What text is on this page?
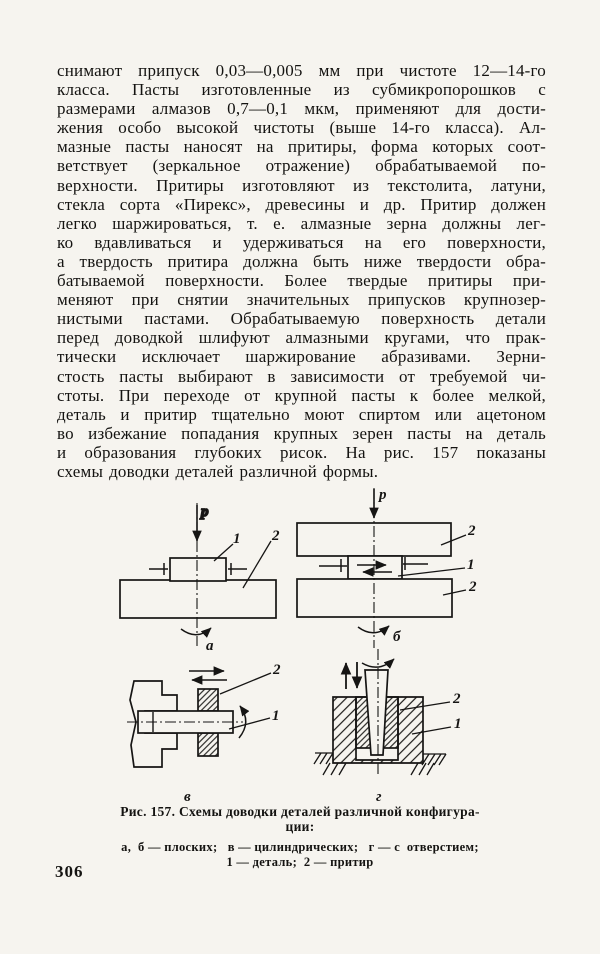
снимают припуск 0,03—0,005 мм при чистоте 12—14-го
класса. Пасты изготовленные из субмикропорошков с
размерами алмазов 0,7—0,1 мкм, применяют для дости-
жения особо высокой чистоты (выше 14-го класса). Ал-
мазные пасты наносят на притиры, форма которых соот-
ветствует (зеркальное отражение) обрабатываемой по-
верхности. Притиры изготовляют из текстолита, латуни,
стекла сорта «Пирекс», древесины и др. Притир должен
легко шаржироваться, т. е. алмазные зерна должны лег-
ко вдавливаться и удерживаться на его поверхности,
а твердость притира должна быть ниже твердости обра-
батываемой поверхности. Более твердые притиры при-
меняют при снятии значительных припусков крупнозер-
нистыми пастами. Обрабатываемую поверхность детали
перед доводкой шлифуют алмазными кругами, что прак-
тически исключает шаржирование абразивами. Зерни-
стость пасты выбирают в зависимости от требуемой чи-
стоты. При переходе от крупной пасты к более мелкой,
деталь и притир тщательно моют спиртом или ацетоном
во избежание попадания крупных зерен пасты на деталь
и образования глубоких рисок. На рис. 157 показаны
схемы доводки деталей различной формы.
р
1 2
а
р
2
1
2
б
2
1
в
2
1
г
Рис. 157. Схемы доводки деталей различной конфигура-
ции:
а,  б — плоских;   в — цилиндрических;   г — с  отверстием;
1 — деталь;  2 — притир
306
